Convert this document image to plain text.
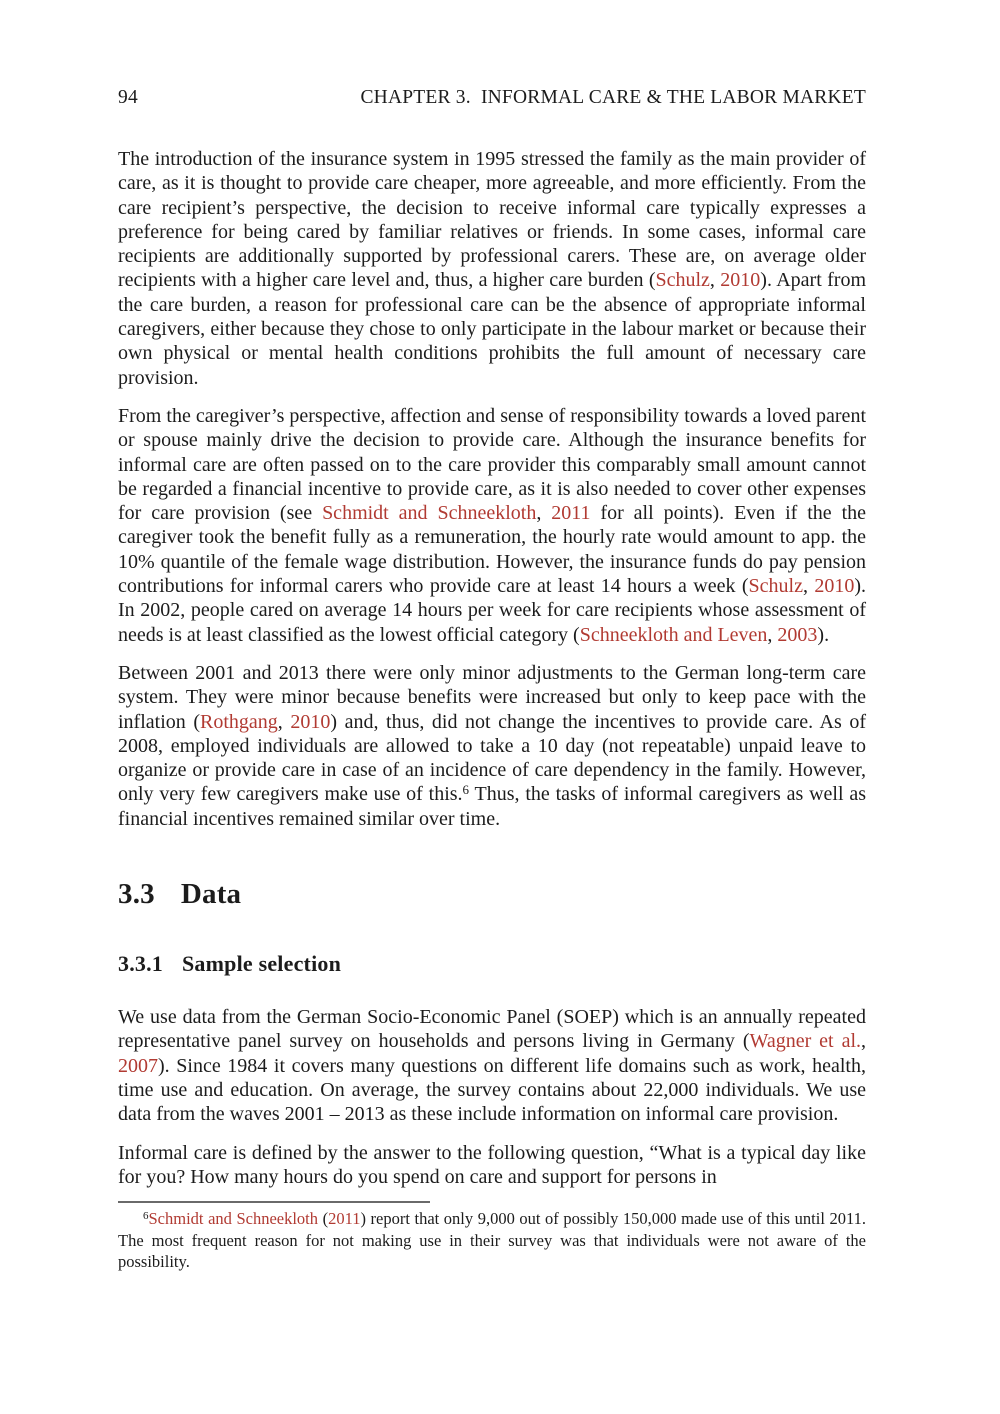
94	CHAPTER 3.  INFORMAL CARE & THE LABOR MARKET

The introduction of the insurance system in 1995 stressed the family as the main provider of care, as it is thought to provide care cheaper, more agreeable, and more efficiently. From the care recipient’s perspective, the decision to receive informal care typically expresses a preference for being cared by familiar relatives or friends. In some cases, informal care recipients are additionally supported by professional carers. These are, on average older recipients with a higher care level and, thus, a higher care burden (Schulz, 2010). Apart from the care burden, a reason for professional care can be the absence of appropriate informal caregivers, either because they chose to only participate in the labour market or because their own physical or mental health conditions prohibits the full amount of necessary care provision.

From the caregiver’s perspective, affection and sense of responsibility towards a loved parent or spouse mainly drive the decision to provide care. Although the insurance benefits for informal care are often passed on to the care provider this comparably small amount cannot be regarded a financial incentive to provide care, as it is also needed to cover other expenses for care provision (see Schmidt and Schneekloth, 2011 for all points). Even if the the caregiver took the benefit fully as a remuneration, the hourly rate would amount to app. the 10% quantile of the female wage distribution. However, the insurance funds do pay pension contributions for informal carers who provide care at least 14 hours a week (Schulz, 2010). In 2002, people cared on average 14 hours per week for care recipients whose assessment of needs is at least classified as the lowest official category (Schneekloth and Leven, 2003).

Between 2001 and 2013 there were only minor adjustments to the German long-term care system. They were minor because benefits were increased but only to keep pace with the inflation (Rothgang, 2010) and, thus, did not change the incentives to provide care. As of 2008, employed individuals are allowed to take a 10 day (not repeatable) unpaid leave to organize or provide care in case of an incidence of care dependency in the family. However, only very few caregivers make use of this.$^6$ Thus, the tasks of informal caregivers as well as financial incentives remained similar over time.

3.3 Data
3.3.1 Sample selection

We use data from the German Socio-Economic Panel (SOEP) which is an annually repeated representative panel survey on households and persons living in Germany (Wagner et al., 2007). Since 1984 it covers many questions on different life domains such as work, health, time use and education. On average, the survey contains about 22,000 individuals. We use data from the waves 2001 – 2013 as these include information on informal care provision.

Informal care is defined by the answer to the following question, “What is a typical day like for you? How many hours do you spend on care and support for persons in

$^6$Schmidt and Schneekloth (2011) report that only 9,000 out of possibly 150,000 made use of this until 2011. The most frequent reason for not making use in their survey was that individuals were not aware of the possibility.
